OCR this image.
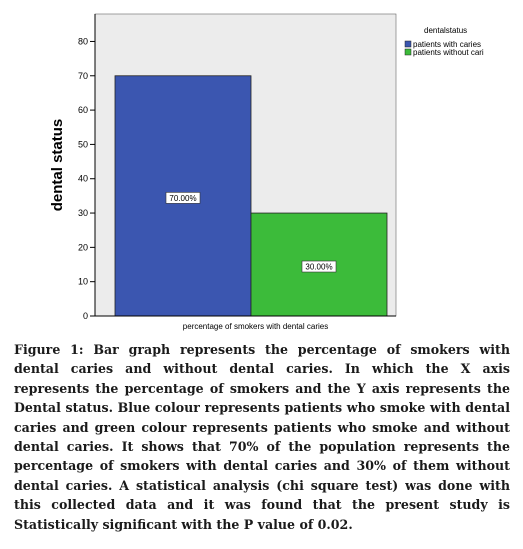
70.00%
30.00%
0
10
20
30
40
50
60
70
80
dental status
percentage of smokers with dental caries
dentalstatus
patients with caries
patients without cari

Figure 1: Bar graph represents the percentage of smokers with dental caries and without dental caries. In which the X axis represents the percentage of smokers and the Y axis represents the Dental status. Blue colour represents patients who smoke with dental caries and green colour represents patients who smoke and without dental caries. It shows that 70% of the population represents the percentage of smokers with dental caries and 30% of them without dental caries. A statistical analysis (chi square test) was done with this collected data and it was found that the present study is Statistically significant with the P value of 0.02.
